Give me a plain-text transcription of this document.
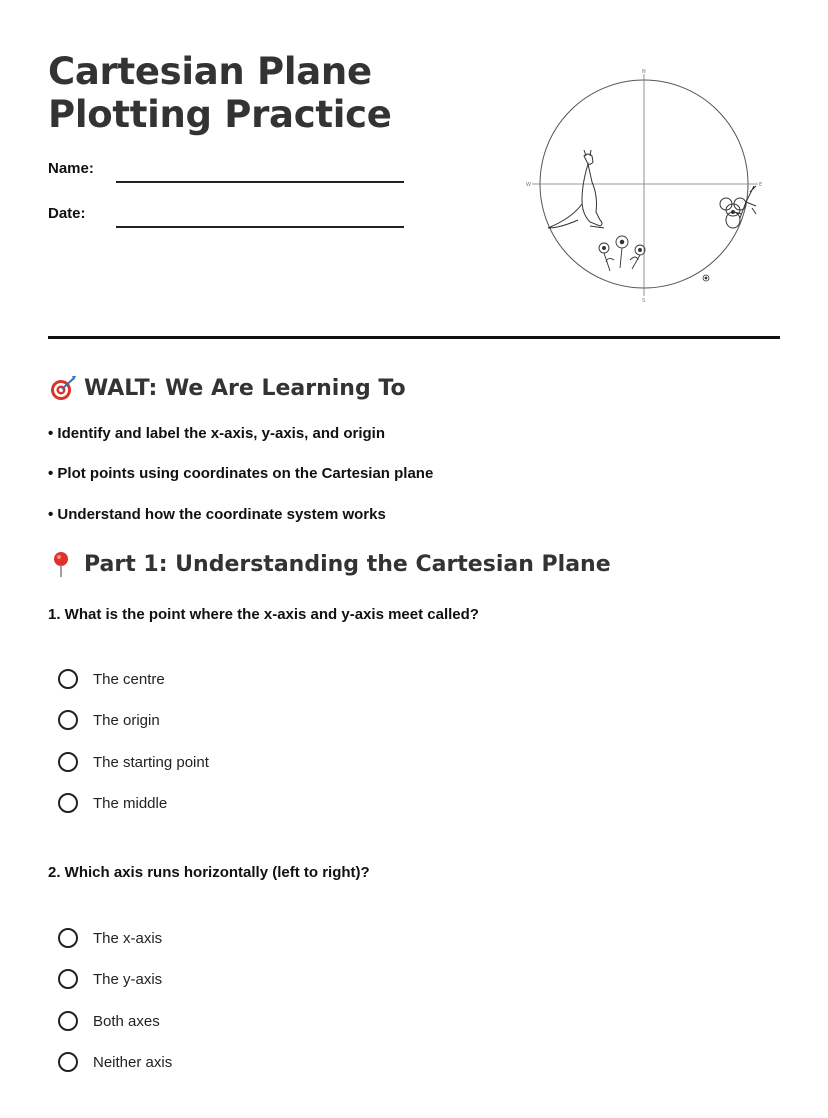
Cartesian Plane Plotting Practice
Name:
Date:
N
S
W	E
WALT: We Are Learning To
• Identify and label the x-axis, y-axis, and origin
• Plot points using coordinates on the Cartesian plane
• Understand how the coordinate system works
Part 1: Understanding the Cartesian Plane
1. What is the point where the x-axis and y-axis meet called?
The centre
The origin
The starting point
The middle
2. Which axis runs horizontally (left to right)?
The x-axis
The y-axis
Both axes
Neither axis
